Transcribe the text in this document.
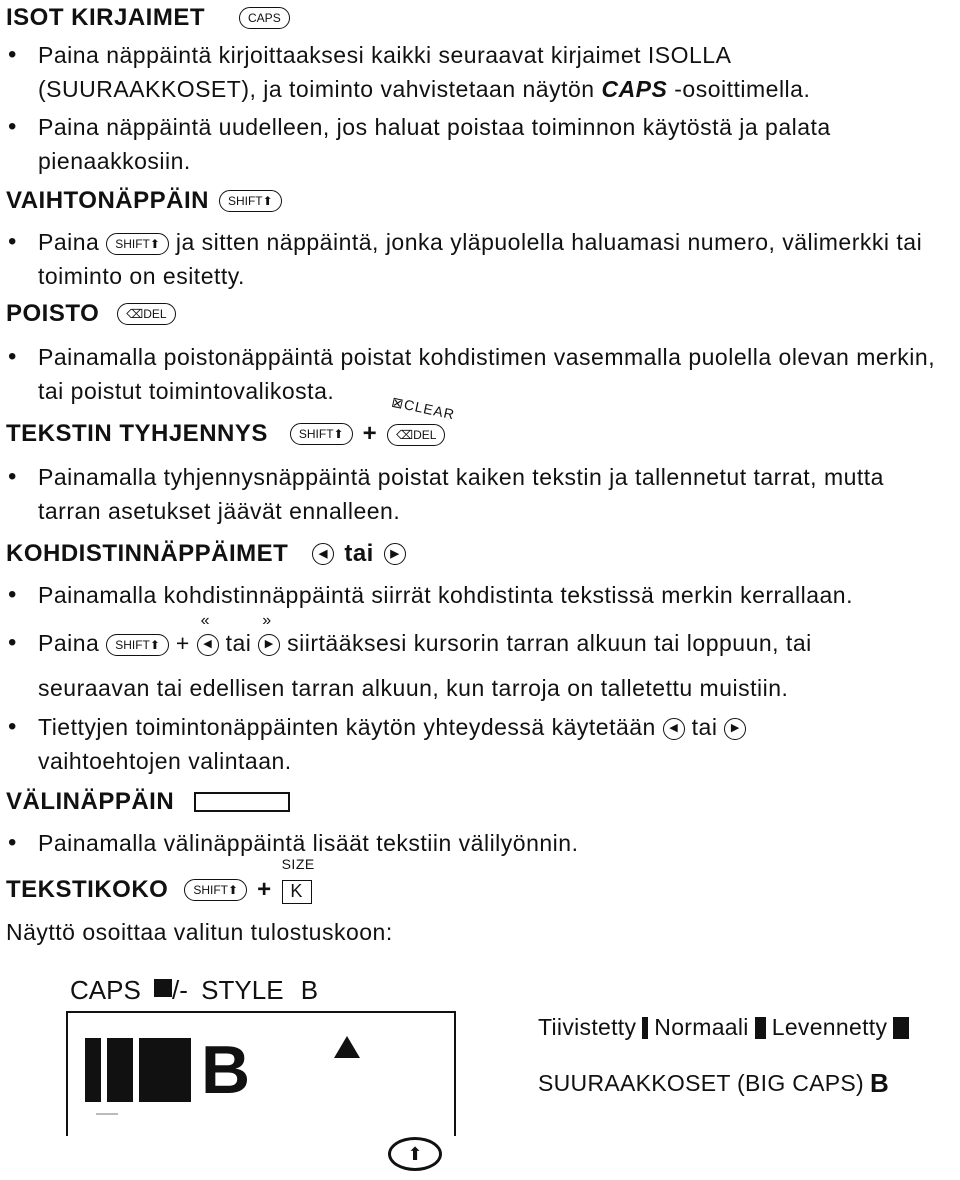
ISOT KIRJAIMET	CAPS
• Paina näppäintä kirjoittaaksesi kaikki seuraavat kirjaimet ISOLLA (SUURAAKKOSET), ja toiminto vahvistetaan näytön CAPS -osoittimella.
• Paina näppäintä uudelleen, jos haluat poistaa toiminnon käytöstä ja palata pienaakkosiin.
VAIHTONÄPPÄIN SHIFT ⬆
• Paina SHIFT ⬆ ja sitten näppäintä, jonka yläpuolella haluamasi numero, välimerkki tai toiminto on esitetty.
POISTO ⌫ DEL
• Painamalla poistonäppäintä poistat kohdistimen vasemmalla puolella olevan merkin, tai poistut toimintovalikosta.
TEKSTIN TYHJENNYS	SHIFT ⬆ +
⊠CLEAR
⌫ DEL
• Painamalla tyhjennysnäppäintä poistat kaiken tekstin ja tallennetut tarrat, mutta tarran asetukset jäävät ennalleen.
KOHDISTINNÄPPÄIMET	◀ tai	▶
• Painamalla kohdistinnäppäintä siirrät kohdistinta tekstissä merkin kerrallaan.
• Paina SHIFT ⬆ +
«
◀ tai
»
▶ siirtääksesi kursorin tarran alkuun tai loppuun, tai
seuraavan tai edellisen tarran alkuun, kun tarroja on talletettu muistiin.
• Tiettyjen toimintonäppäinten käytön yhteydessä käytetään ◀ tai ▶
vaihtoehtojen valintaan.
VÄLINÄPPÄIN
• Painamalla välinäppäintä lisäät tekstiin välilyönnin.
TEKSTIKOKO SHIFT ⬆ +
SIZE
K
Näyttö osoittaa valitun tulostuskoon:
CAPS /- STYLE B
B
⬆
Tiivistetty Normaali Levennetty
SUURAAKKOSET (BIG CAPS) B
